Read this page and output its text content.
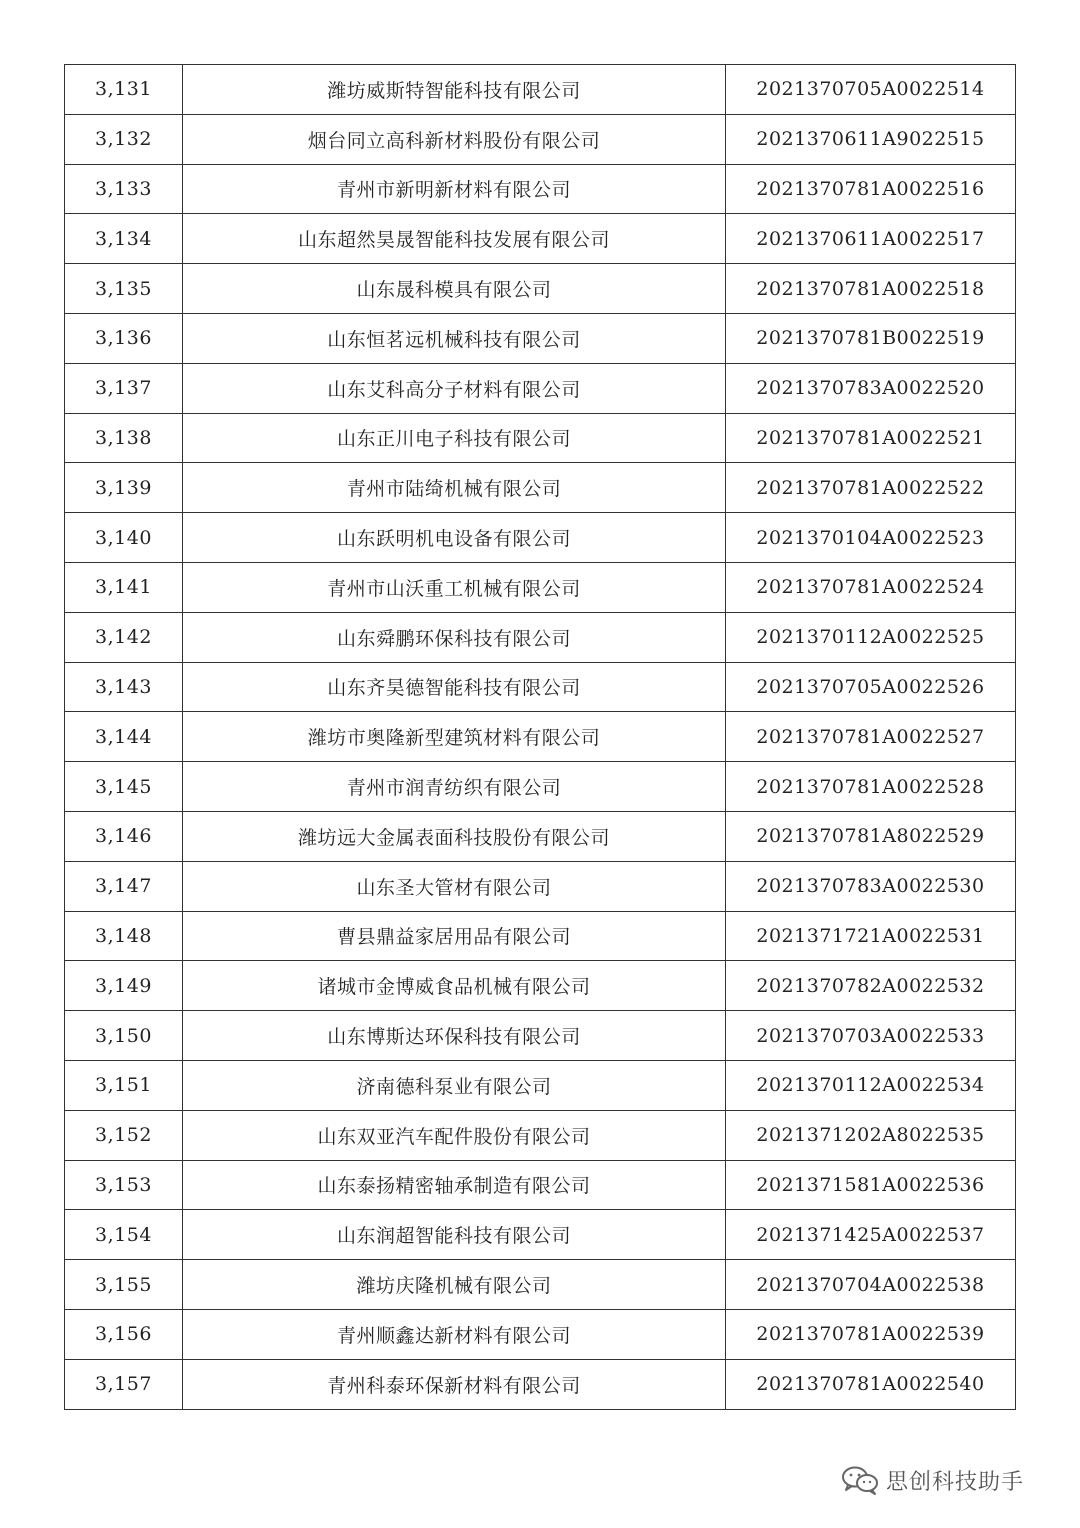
3,131	潍坊威斯特智能科技有限公司	2021370705A0022514
3,132	烟台同立高科新材料股份有限公司	2021370611A9022515
3,133	青州市新明新材料有限公司	2021370781A0022516
3,134	山东超然昊晟智能科技发展有限公司	2021370611A0022517
3,135	山东晟科模具有限公司	2021370781A0022518
3,136	山东恒茗远机械科技有限公司	2021370781B0022519
3,137	山东艾科高分子材料有限公司	2021370783A0022520
3,138	山东正川电子科技有限公司	2021370781A0022521
3,139	青州市陆绮机械有限公司	2021370781A0022522
3,140	山东跃明机电设备有限公司	2021370104A0022523
3,141	青州市山沃重工机械有限公司	2021370781A0022524
3,142	山东舜鹏环保科技有限公司	2021370112A0022525
3,143	山东齐昊德智能科技有限公司	2021370705A0022526
3,144	潍坊市奥隆新型建筑材料有限公司	2021370781A0022527
3,145	青州市润青纺织有限公司	2021370781A0022528
3,146	潍坊远大金属表面科技股份有限公司	2021370781A8022529
3,147	山东圣大管材有限公司	2021370783A0022530
3,148	曹县鼎益家居用品有限公司	2021371721A0022531
3,149	诸城市金博威食品机械有限公司	2021370782A0022532
3,150	山东博斯达环保科技有限公司	2021370703A0022533
3,151	济南德科泵业有限公司	2021370112A0022534
3,152	山东双亚汽车配件股份有限公司	2021371202A8022535
3,153	山东泰扬精密轴承制造有限公司	2021371581A0022536
3,154	山东润超智能科技有限公司	2021371425A0022537
3,155	潍坊庆隆机械有限公司	2021370704A0022538
3,156	青州顺鑫达新材料有限公司	2021370781A0022539
3,157	青州科泰环保新材料有限公司	2021370781A0022540
思创科技助手
